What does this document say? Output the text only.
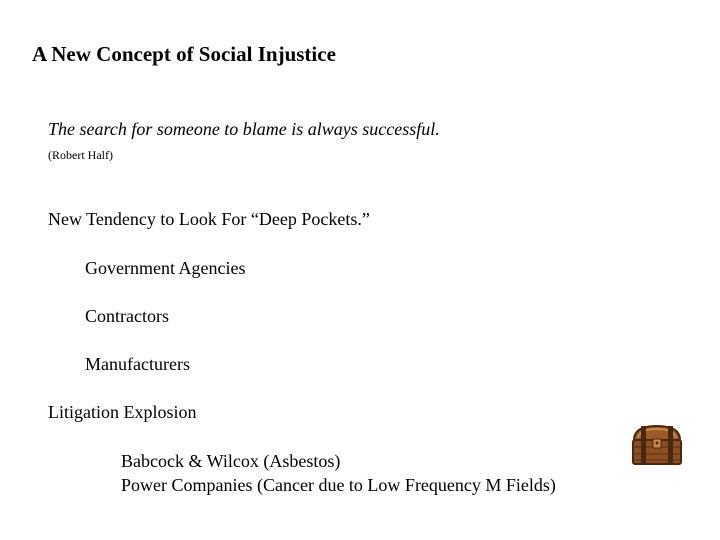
A New Concept of Social Injustice
The search for someone to blame is always successful.
(Robert Half)
New Tendency to Look For “Deep Pockets.”
Government Agencies
Contractors
Manufacturers
Litigation Explosion
Babcock & Wilcox (Asbestos)
Power Companies (Cancer due to Low Frequency M Fields)
